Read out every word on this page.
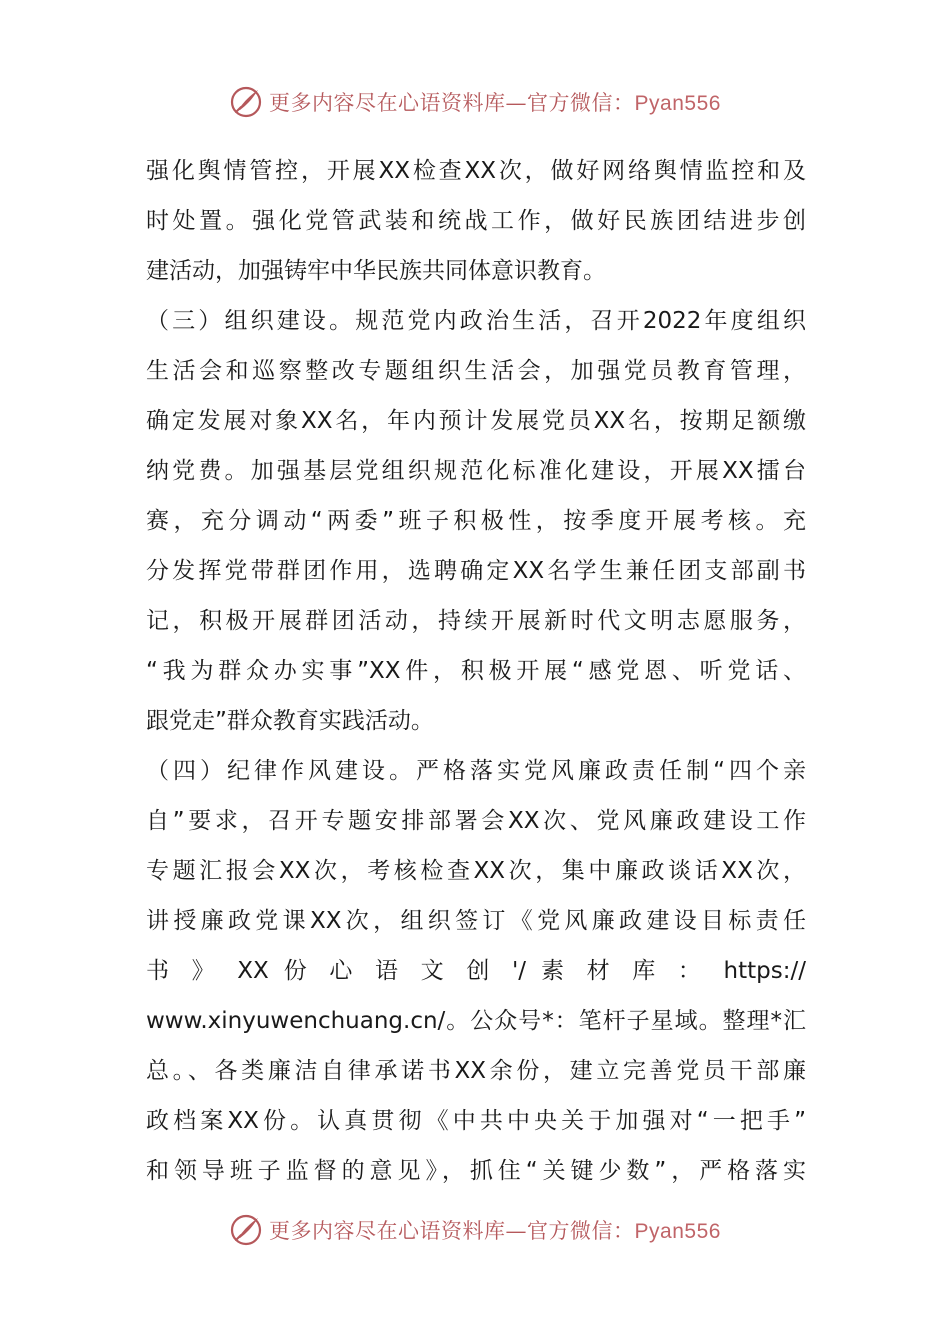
更多内容尽在心语资料库—官方微信：Pyan556
强化舆情管控，开展XX检查XX次，做好网络舆情监控和及
时处置。强化党管武装和统战工作，做好民族团结进步创
建活动，加强铸牢中华民族共同体意识教育。
（三）组织建设。规范党内政治生活，召开2022年度组织
生活会和巡察整改专题组织生活会，加强党员教育管理，
确定发展对象XX名，年内预计发展党员XX名，按期足额缴
纳党费。加强基层党组织规范化标准化建设，开展XX擂台
赛，充分调动“两委”班子积极性，按季度开展考核。充
分发挥党带群团作用，选聘确定XX名学生兼任团支部副书
记，积极开展群团活动，持续开展新时代文明志愿服务，
“我为群众办实事”XX件，积极开展“感党恩、听党话、
跟党走”群众教育实践活动。
（四）纪律作风建设。严格落实党风廉政责任制“四个亲
自”要求，召开专题安排部署会XX次、党风廉政建设工作
专题汇报会XX次，考核检查XX次，集中廉政谈话XX次，
讲授廉政党课XX次，组织签订《党风廉政建设目标责任
书 》 XX 份 心 语 文 创 '/ 素 材 库 ： https://
www.xinyuwenchuang.cn/。公众号*：笔杆子星域。整理*汇
总。、各类廉洁自律承诺书XX余份，建立完善党员干部廉
政档案XX份。认真贯彻《中共中央关于加强对“一把手”
和领导班子监督的意见》，抓住“关键少数”，严格落实
更多内容尽在心语资料库—官方微信：Pyan556
